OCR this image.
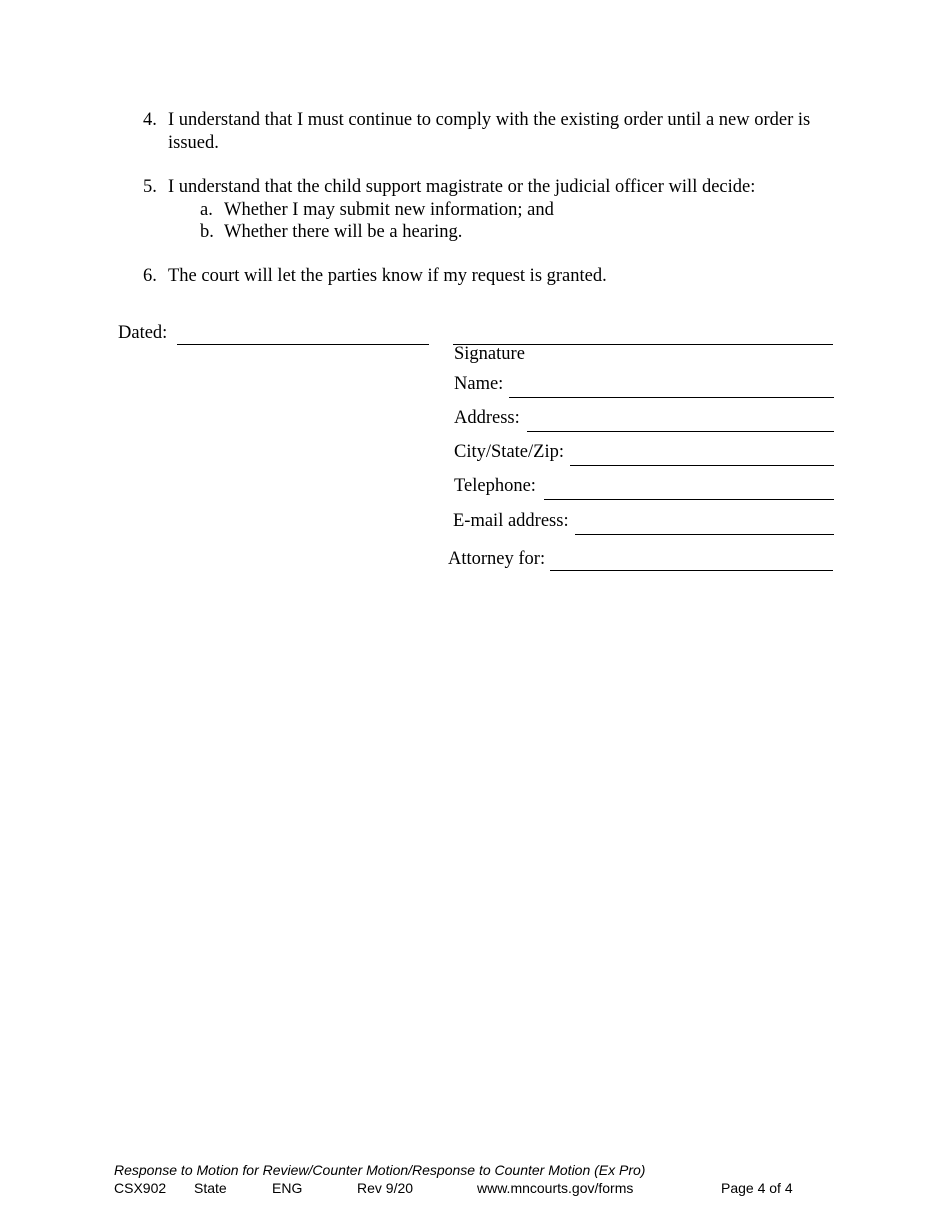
4. I understand that I must continue to comply with the existing order until a new order is issued.
5. I understand that the child support magistrate or the judicial officer will decide:
a. Whether I may submit new information; and
b. Whether there will be a hearing.
6. The court will let the parties know if my request is granted.
Dated:
Signature
Name:
Address:
City/State/Zip:
Telephone:
E-mail address:
Attorney for:
Response to Motion for Review/Counter Motion/Response to Counter Motion (Ex Pro)
CSX902 State	ENG	Rev 9/20	www.mncourts.gov/forms	Page 4 of 4
